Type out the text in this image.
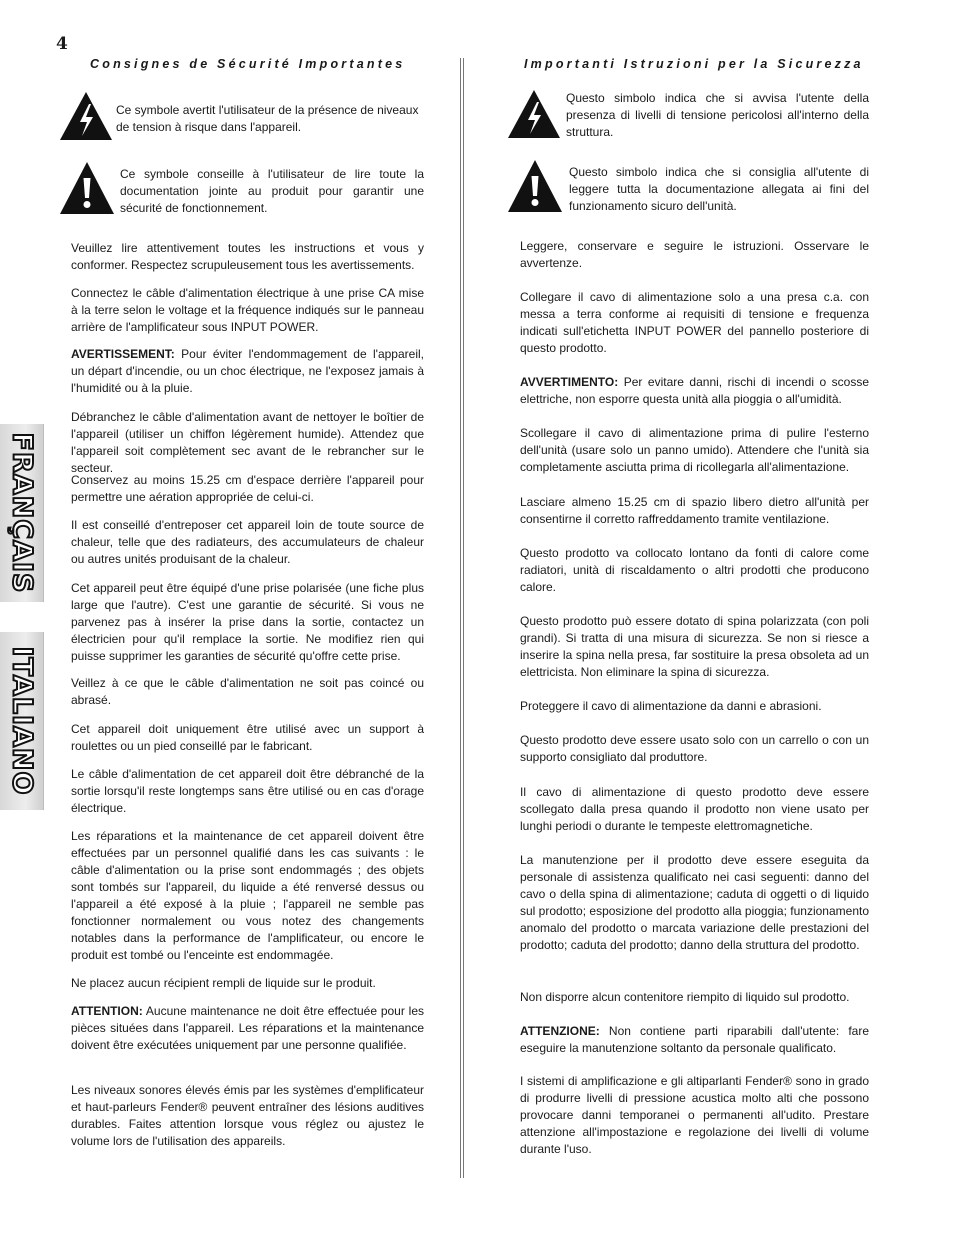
4
FRANÇAIS
ITALIANO
Consignes de Sécurité Importantes
Ce symbole avertit l'utilisateur de la présence de niveaux de tension à risque dans l'appareil.
Ce symbole conseille à l'utilisateur de lire toute la documentation jointe au produit pour garantir une sécurité de fonctionnement.

Veuillez lire attentivement toutes les instructions et vous y conformer. Respectez scrupuleusement tous les avertissements.

Connectez le câble d'alimentation électrique à une prise CA mise à la terre selon le voltage et la fréquence indiqués sur le panneau arrière de l'amplificateur sous INPUT POWER.

AVERTISSEMENT: Pour éviter l'endommagement de l'appareil, un départ d'incendie, ou un choc électrique, ne l'exposez jamais à l'humidité ou à la pluie.

Débranchez le câble d'alimentation avant de nettoyer le boîtier de l'appareil (utiliser un chiffon légèrement humide). Attendez que l'appareil soit complètement sec avant de le rebrancher sur le secteur.

Conservez au moins 15.25 cm d'espace derrière l'appareil pour permettre une aération appropriée de celui-ci.

Il est conseillé d'entreposer cet appareil loin de toute source de chaleur, telle que des radiateurs, des accumulateurs de chaleur ou autres unités produisant de la chaleur.

Cet appareil peut être équipé d'une prise polarisée (une fiche plus large que l'autre). C'est une garantie de sécurité. Si vous ne parvenez pas à insérer la prise dans la sortie, contactez un électricien pour qu'il remplace la sortie. Ne modifiez rien qui puisse supprimer les garanties de sécurité qu'offre cette prise.

Veillez à ce que le câble d'alimentation ne soit pas coincé ou abrasé.

Cet appareil doit uniquement être utilisé avec un support à roulettes ou un pied conseillé par le fabricant.

Le câble d'alimentation de cet appareil doit être débranché de la sortie lorsqu'il reste longtemps sans être utilisé ou en cas d'orage électrique.

Les réparations et la maintenance de cet appareil doivent être effectuées par un personnel qualifié dans les cas suivants : le câble d'alimentation ou la prise sont endommagés ; des objets sont tombés sur l'appareil, du liquide a été renversé dessus ou l'appareil a été exposé à la pluie ; l'appareil ne semble pas fonctionner normalement ou vous notez des changements notables dans la performance de l'amplificateur, ou encore le produit est tombé ou l'enceinte est endommagée.

Ne placez aucun récipient rempli de liquide sur le produit.

ATTENTION: Aucune maintenance ne doit être effectuée pour les pièces situées dans l'appareil. Les réparations et la maintenance doivent être exécutées uniquement par une personne qualifiée.

Les niveaux sonores élevés émis par les systèmes d'emplificateur et haut-parleurs Fender® peuvent entraîner des lésions auditives durables. Faites attention lorsque vous réglez ou ajustez le volume lors de l'utilisation des appareils.

Importanti Istruzioni per la Sicurezza
Questo simbolo indica che si avvisa l'utente della presenza di livelli di tensione pericolosi all'interno della struttura.
Questo simbolo indica che si consiglia all'utente di leggere tutta la documentazione allegata ai fini del funzionamento sicuro dell'unità.

Leggere, conservare e seguire le istruzioni. Osservare le avvertenze.

Collegare il cavo di alimentazione solo a una presa c.a. con messa a terra conforme ai requisiti di tensione e frequenza indicati sull'etichetta INPUT POWER del pannello posteriore di questo prodotto.

AVVERTIMENTO: Per evitare danni, rischi di incendi o scosse elettriche, non esporre questa unità alla pioggia o all'umidità.

Scollegare il cavo di alimentazione prima di pulire l'esterno dell'unità (usare solo un panno umido). Attendere che l'unità sia completamente asciutta prima di ricollegarla all'alimentazione.

Lasciare almeno 15.25 cm di spazio libero dietro all'unità per consentirne il corretto raffreddamento tramite ventilazione.

Questo prodotto va collocato lontano da fonti di calore come radiatori, unità di riscaldamento o altri prodotti che producono calore.

Questo prodotto può essere dotato di spina polarizzata (con poli grandi). Si tratta di una misura di sicurezza. Se non si riesce a inserire la spina nella presa, far sostituire la presa obsoleta ad un elettricista. Non eliminare la spina di sicurezza.

Proteggere il cavo di alimentazione da danni e abrasioni.

Questo prodotto deve essere usato solo con un carrello o con un supporto consigliato dal produttore.

Il cavo di alimentazione di questo prodotto deve essere scollegato dalla presa quando il prodotto non viene usato per lunghi periodi o durante le tempeste elettromagnetiche.

La manutenzione per il prodotto deve essere eseguita da personale di assistenza qualificato nei casi seguenti: danno del cavo o della spina di alimentazione; caduta di oggetti o di liquido sul prodotto; esposizione del prodotto alla pioggia; funzionamento anomalo del prodotto o marcata variazione delle prestazioni del prodotto; caduta del prodotto; danno della struttura del prodotto.

Non disporre alcun contenitore riempito di liquido sul prodotto.

ATTENZIONE: Non contiene parti riparabili dall'utente: fare eseguire la manutenzione soltanto da personale qualificato.

I sistemi di amplificazione e gli altiparlanti Fender® sono in grado di produrre livelli di pressione acustica molto alti che possono provocare danni temporanei o permanenti all'udito. Prestare attenzione all'impostazione e regolazione dei livelli di volume durante l'uso.
